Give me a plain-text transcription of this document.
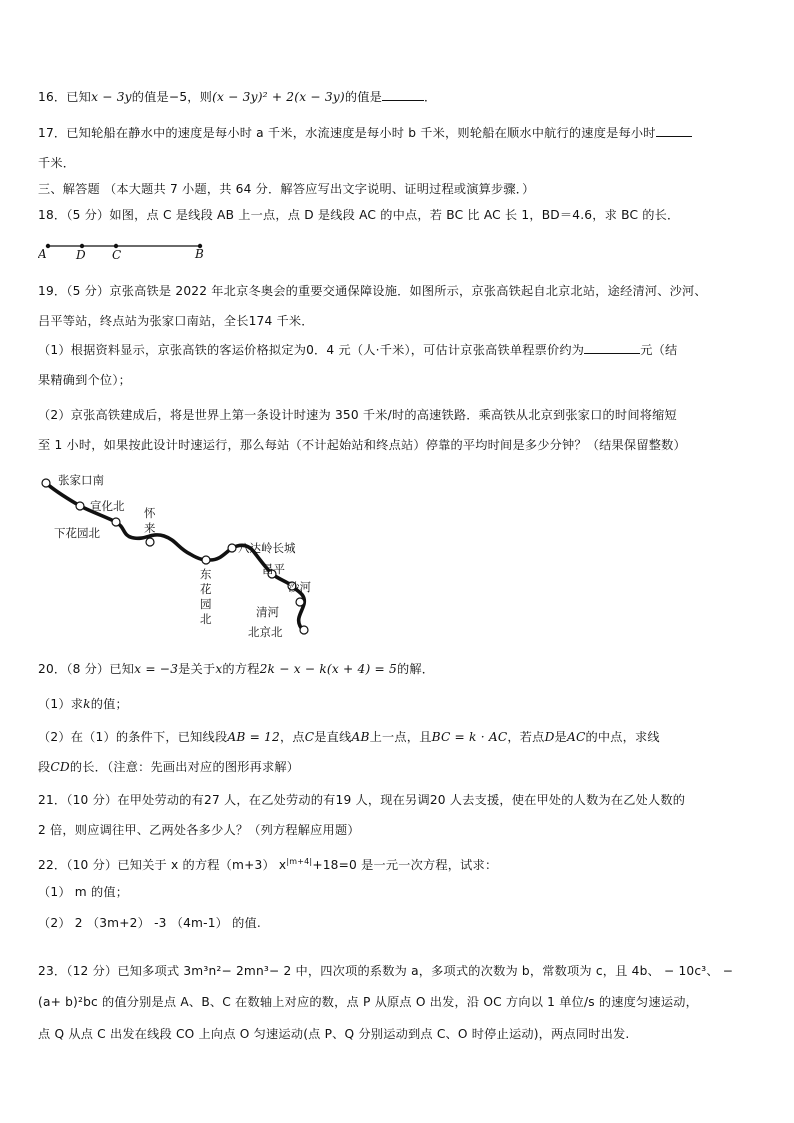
16．已知x − 3y的值是−5，则(x − 3y)² + 2(x − 3y)的值是	．
17．已知轮船在静水中的速度是每小时 a 千米，水流速度是每小时 b 千米，则轮船在顺水中航行的速度是每小时
千米．
三、解答题 （本大题共 7 小题，共 64 分．解答应写出文字说明、证明过程或演算步骤．）
18．（5 分）如图，点 C 是线段 AB 上一点，点 D 是线段 AC 的中点，若 BC 比 AC 长 1，BD＝4.6，求 BC 的长．
A D C	B
19．（5 分）京张高铁是 2022 年北京冬奥会的重要交通保障设施．如图所示，京张高铁起自北京北站，途经清河、沙河、
吕平等站，终点站为张家口南站，全长174 千米．
（1）根据资料显示，京张高铁的客运价格拟定为0．4 元（人·千米），可估计京张高铁单程票价约为	元（结
果精确到个位）；
（2）京张高铁建成后，将是世界上第一条设计时速为 350 千米/时的高速铁路．乘高铁从北京到张家口的时间将缩短
至 1 小时，如果按此设计时速运行，那么每站（不计起始站和终点站）停靠的平均时间是多少分钟？（结果保留整数）
张家口南
宣化北 怀
来
下花园北
八达岭长城
东
花
园
北
昌平
沙河
清河
北京北
20．（8 分）已知x = −3是关于x的方程2k − x − k(x + 4) = 5的解．
（1）求k的值；
（2）在（1）的条件下，已知线段AB = 12，点C是直线AB上一点，且BC = k · AC，若点D是AC的中点，求线
段CD的长．（注意：先画出对应的图形再求解）
21．（10 分）在甲处劳动的有27 人，在乙处劳动的有19 人，现在另调20 人去支援，使在甲处的人数为在乙处人数的
2 倍，则应调往甲、乙两处各多少人？（列方程解应用题）
22．（10 分）已知关于 x 的方程（m+3） $x^{|m+4|}+18=0$ 是一元一次方程，试求：
（1） m 的值；
（2） 2 （3m+2） -3 （4m-1） 的值.
23．（12 分）已知多项式 3m³n²− 2mn³− 2 中，四次项的系数为 a，多项式的次数为 b，常数项为 c，且 4b、 − 10c³、 −
(a+ b)²bc 的值分别是点 A、B、C 在数轴上对应的数，点 P 从原点 O 出发，沿 OC 方向以 1 单位/s 的速度匀速运动，
点 Q 从点 C 出发在线段 CO 上向点 O 匀速运动(点 P、Q 分别运动到点 C、O 时停止运动)，两点同时出发.
